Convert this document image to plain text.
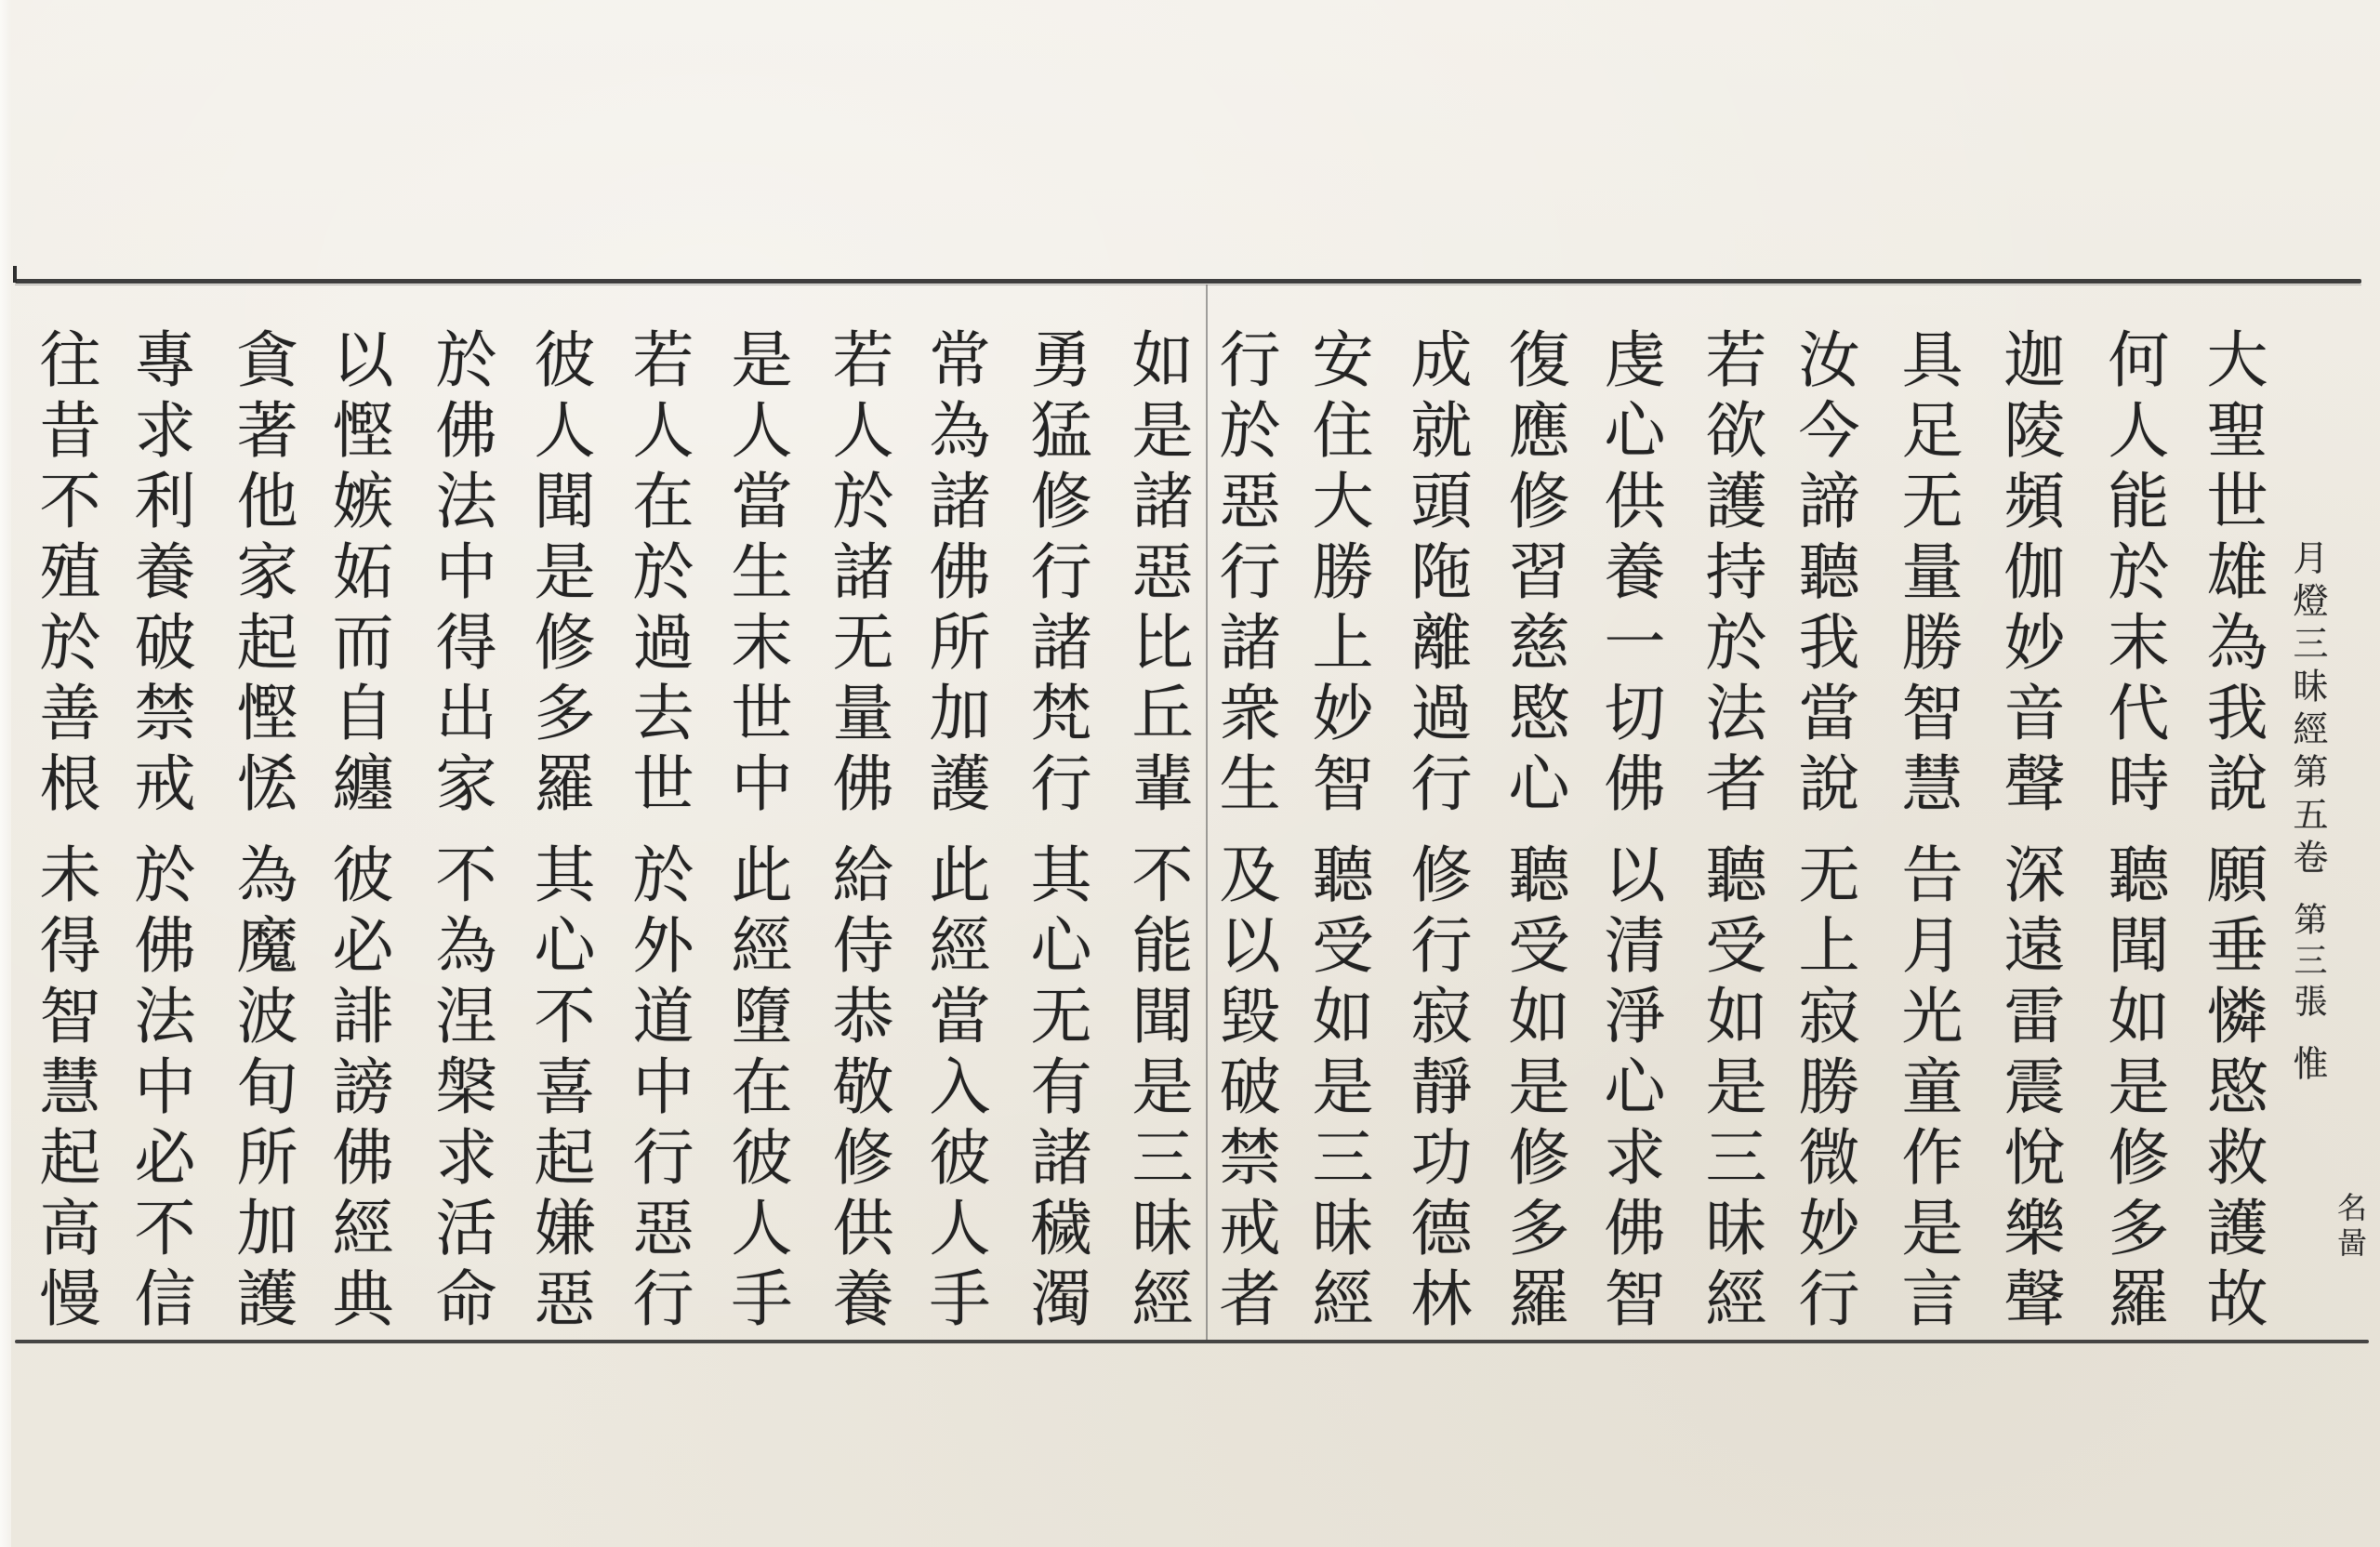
月燈三昧經第五卷
第三張
惟
名啚
大聖世雄為我說
願垂憐愍救護故
何人能於末代時
聽聞如是修多羅
迦陵頻伽妙音聲
深遠雷震悅樂聲
具足无量勝智慧
告月光童作是言
汝今諦聽我當說
无上寂勝微妙行
若欲護持於法者
聽受如是三昧經
虔心供養一切佛
以清淨心求佛智
復應修習慈愍心
聽受如是修多羅
成就頭陁離過行
修行寂靜功德林
安住大勝上妙智
聽受如是三昧經
行於惡行諸衆生
及以毀破禁戒者
如是諸惡比丘輩
不能聞是三昧經
勇猛修行諸梵行
其心无有諸穢濁
常為諸佛所加護
此經當入彼人手
若人於諸无量佛
給侍恭敬修供養
是人當生末世中
此經墮在彼人手
若人在於過去世
於外道中行惡行
彼人聞是修多羅
其心不喜起嫌惡
於佛法中得出家
不為涅槃求活命
以慳嫉妬而自纏
彼必誹謗佛經典
貪著他家起慳恡
為魔波旬所加護
專求利養破禁戒
於佛法中必不信
往昔不殖於善根
未得智慧起高慢
